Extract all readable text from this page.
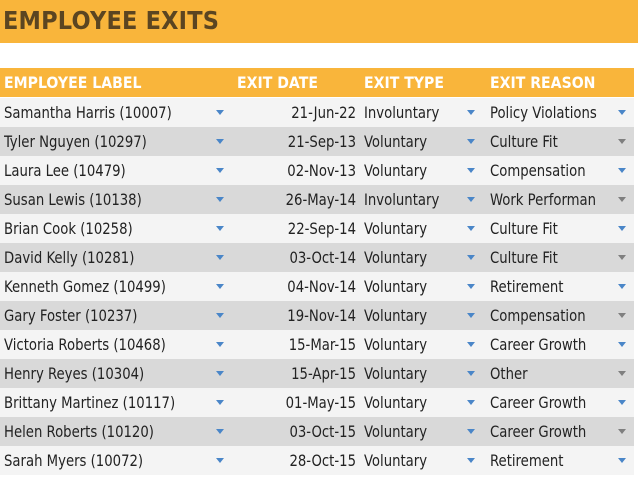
EMPLOYEE EXITS
EMPLOYEE LABEL	EXIT DATE	EXIT TYPE	EXIT REASON
Samantha Harris (10007)	21-Jun-22 Involuntary	Policy Violations
Tyler Nguyen (10297)	21-Sep-13 Voluntary	Culture Fit
Laura Lee (10479)	02-Nov-13 Voluntary	Compensation
Susan Lewis (10138)	26-May-14 Involuntary	Work Performan
Brian Cook (10258)	22-Sep-14 Voluntary	Culture Fit
David Kelly (10281)	03-Oct-14 Voluntary	Culture Fit
Kenneth Gomez (10499)	04-Nov-14 Voluntary	Retirement
Gary Foster (10237)	19-Nov-14 Voluntary	Compensation
Victoria Roberts (10468)	15-Mar-15 Voluntary	Career Growth
Henry Reyes (10304)	15-Apr-15 Voluntary	Other
Brittany Martinez (10117)	01-May-15 Voluntary	Career Growth
Helen Roberts (10120)	03-Oct-15 Voluntary	Career Growth
Sarah Myers (10072)	28-Oct-15 Voluntary	Retirement
